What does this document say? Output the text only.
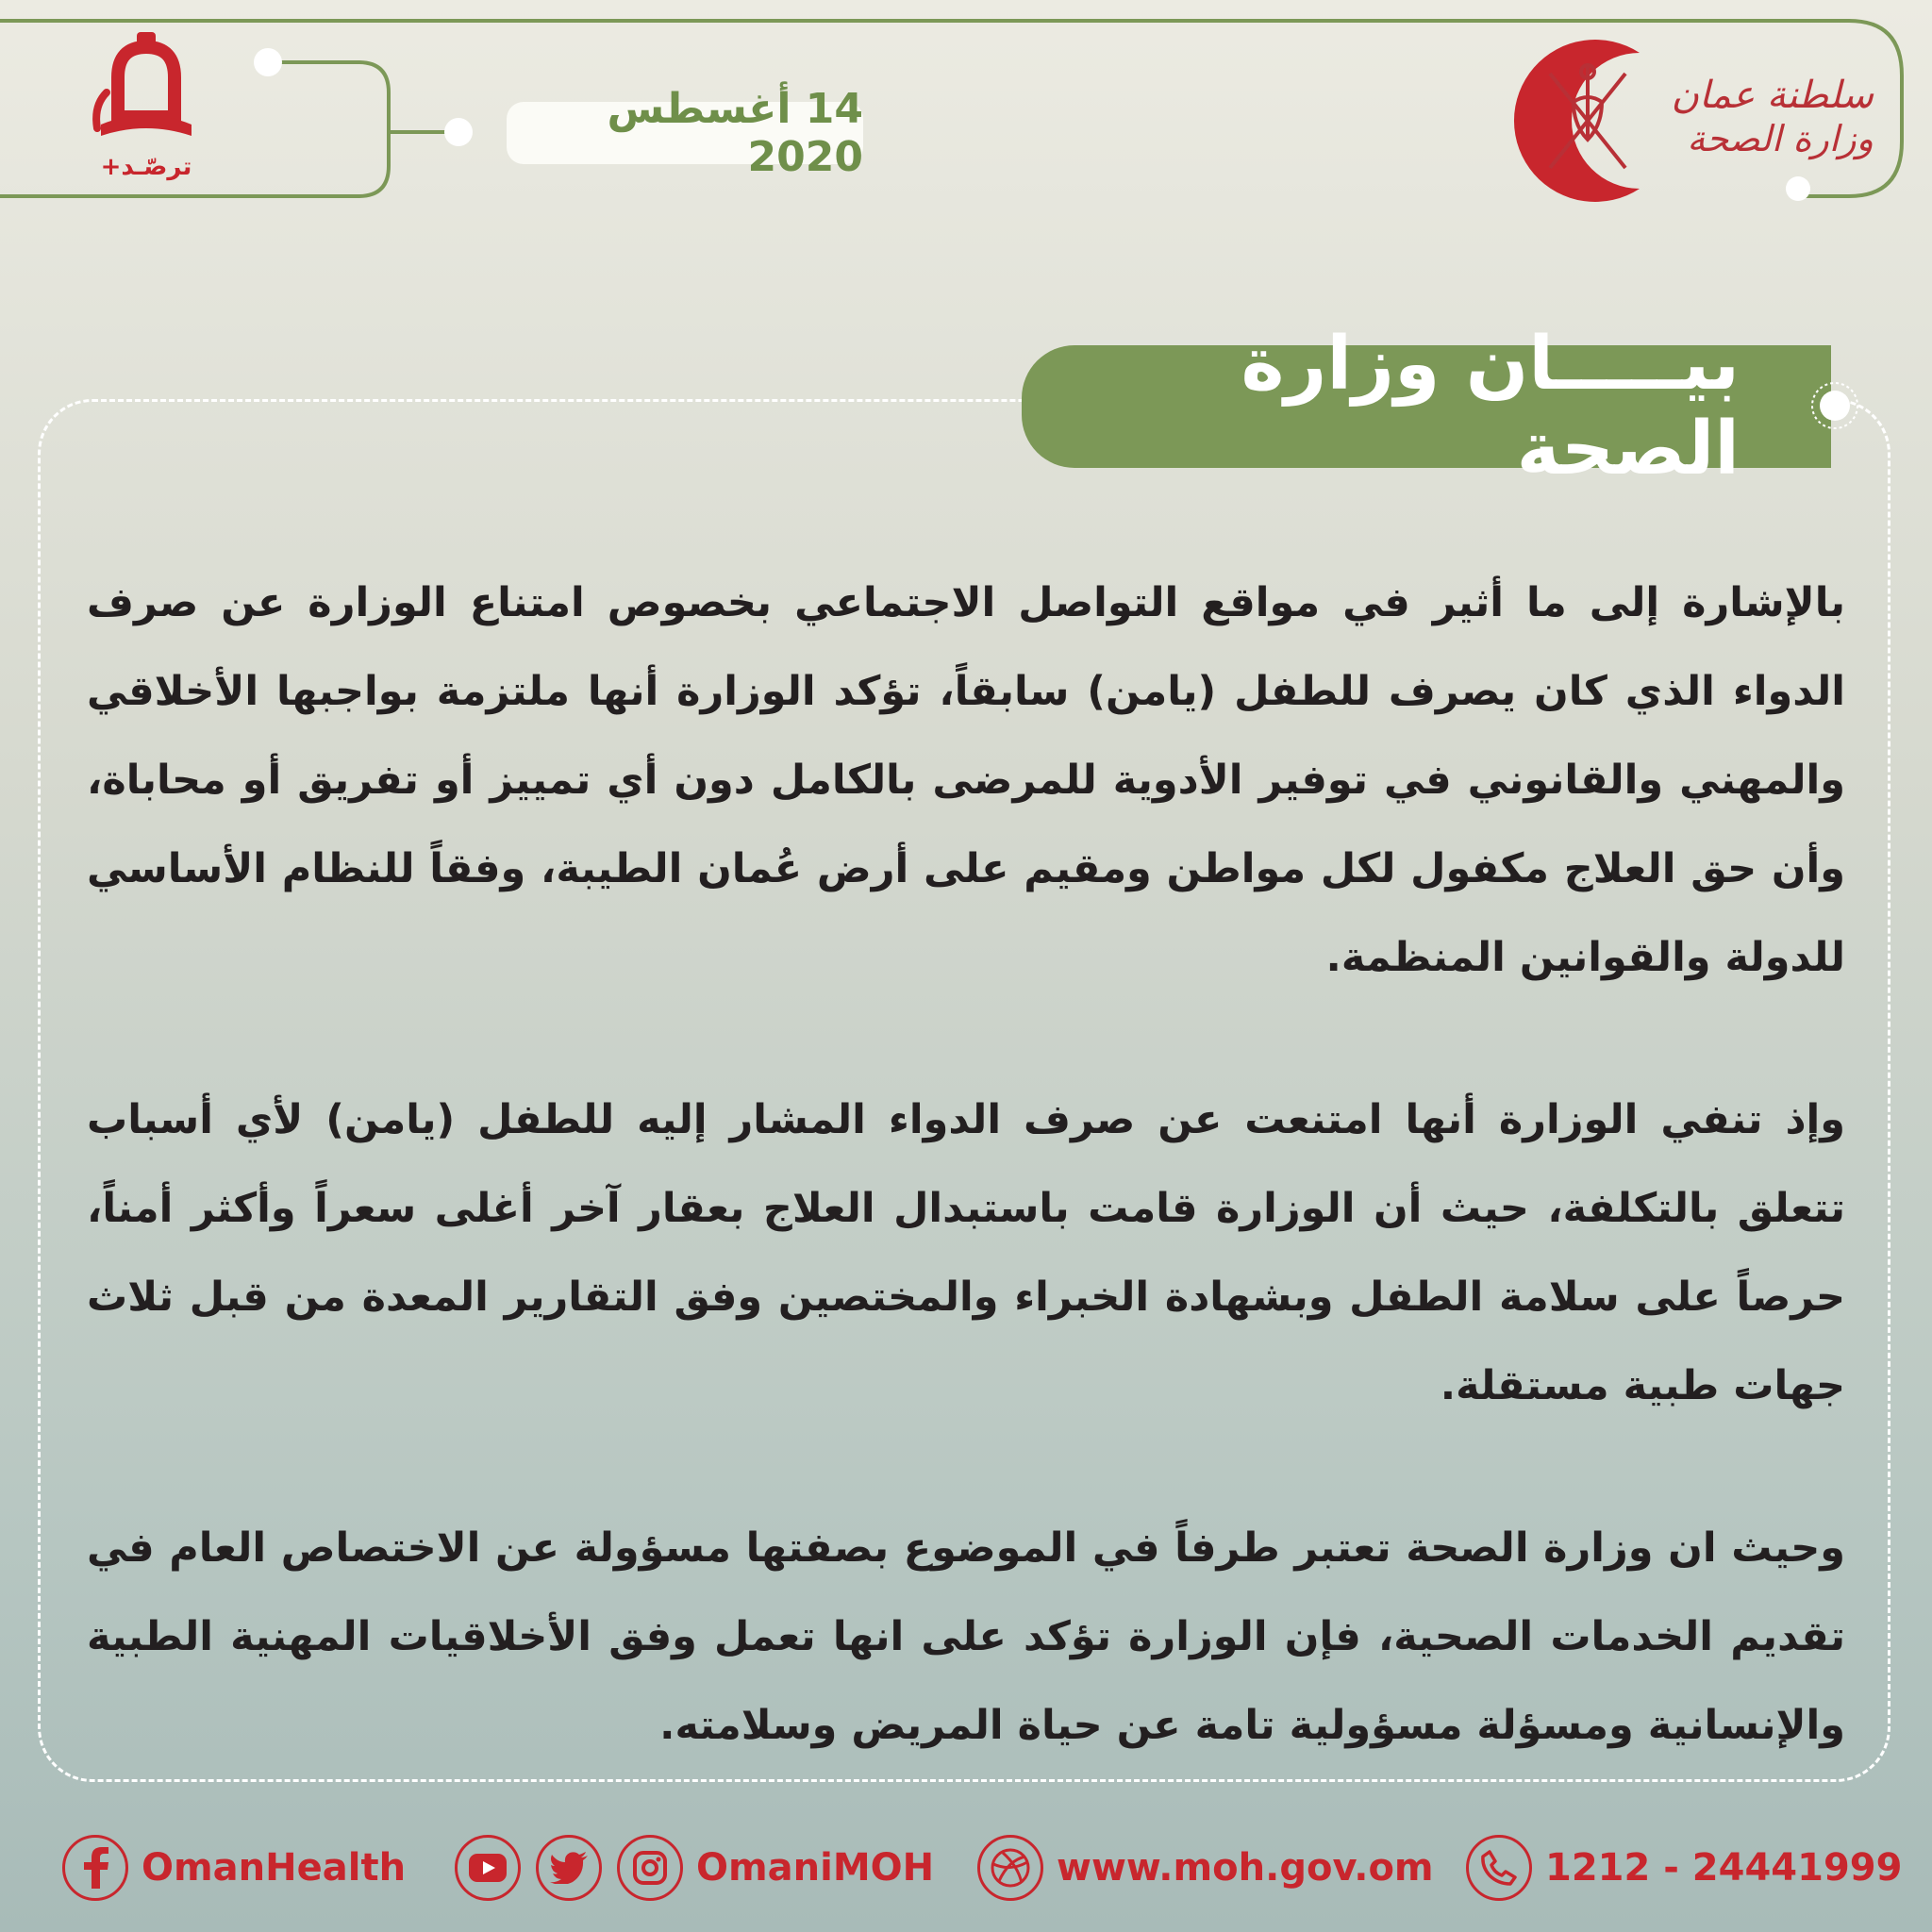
14 أغسطس 2020
ترصّـد+
سلطنة عمان
وزارة الصحة
بيـــــان وزارة الصحة

بالإشارة إلى ما أثير في مواقع التواصل الاجتماعي بخصوص امتناع الوزارة عن صرف الدواء الذي كان يصرف للطفل (يامن) سابقاً، تؤكد الوزارة أنها ملتزمة بواجبها الأخلاقي والمهني والقانوني في توفير الأدوية للمرضى بالكامل دون أي تمييز أو تفريق أو محاباة، وأن حق العلاج مكفول لكل مواطن ومقيم على أرض عُمان الطيبة، وفقاً للنظام الأساسي للدولة والقوانين المنظمة.

وإذ تنفي الوزارة أنها امتنعت عن صرف الدواء المشار إليه للطفل (يامن) لأي أسباب تتعلق بالتكلفة، حيث أن الوزارة قامت باستبدال العلاج بعقار آخر أغلى سعراً وأكثر أمناً، حرصاً على سلامة الطفل وبشهادة الخبراء والمختصين وفق التقارير المعدة من قبل ثلاث جهات طبية مستقلة.

وحيث ان وزارة الصحة تعتبر طرفاً في الموضوع بصفتها مسؤولة عن الاختصاص العام في تقديم الخدمات الصحية، فإن الوزارة تؤكد على انها تعمل وفق الأخلاقيات المهنية الطبية والإنسانية ومسؤلة مسؤولية تامة عن حياة المريض وسلامته.

OmanHealth	OmaniMOH	www.moh.gov.om	1212 - 24441999
